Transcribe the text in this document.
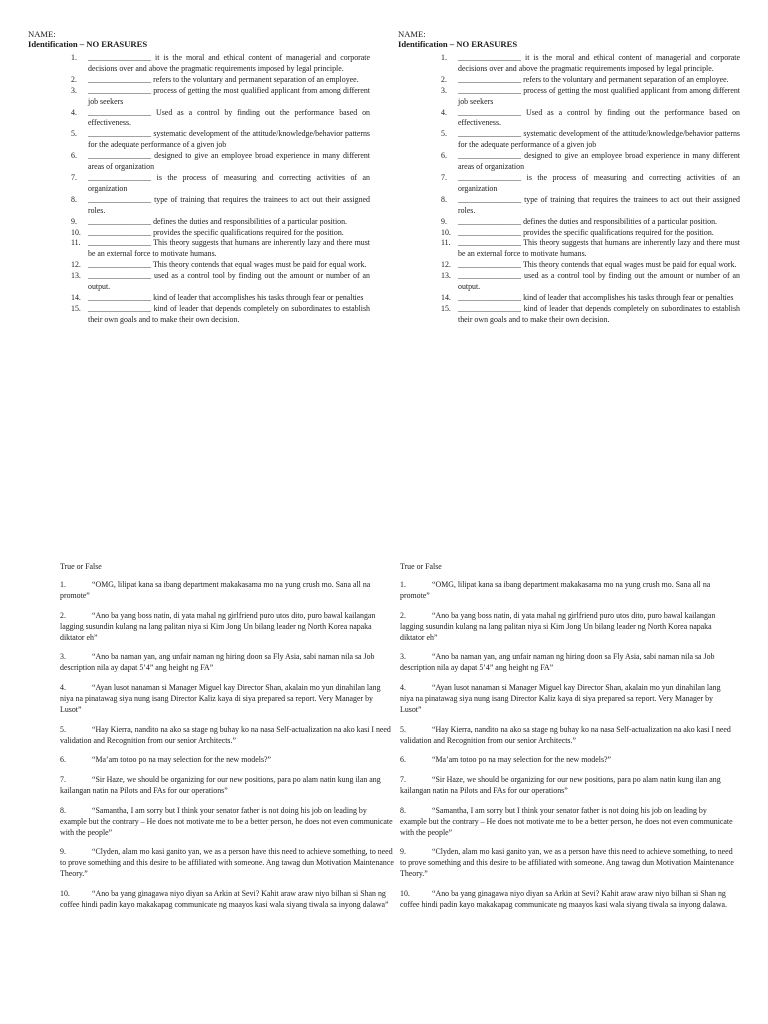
NAME:
Identification – NO ERASURES
1. ________________ it is the moral and ethical content of managerial and corporate decisions over and above the pragmatic requirements imposed by legal principle.
2. ________________ refers to the voluntary and permanent separation of an employee.
3. ________________ process of getting the most qualified applicant from among different job seekers
4. ________________ Used as a control by finding out the performance based on effectiveness.
5. ________________ systematic development of the attitude/knowledge/behavior patterns for the adequate performance of a given job
6. ________________ designed to give an employee broad experience in many different areas of organization
7. ________________ is the process of measuring and correcting activities of an organization
8. ________________ type of training that requires the trainees to act out their assigned roles.
9. ________________ defines the duties and responsibilities of a particular position.
10. ________________ provides the specific qualifications required for the position.
11. ________________ This theory suggests that humans are inherently lazy and there must be an external force to motivate humans.
12. ________________ This theory contends that equal wages must be paid for equal work.
13. ________________ used as a control tool by finding out the amount or number of an output.
14. ________________ kind of leader that accomplishes his tasks through fear or penalties
15. ________________ kind of leader that depends completely on subordinates to establish their own goals and to make their own decision.
NAME:
Identification – NO ERASURES
1. ________________ it is the moral and ethical content of managerial and corporate decisions over and above the pragmatic requirements imposed by legal principle.
2. ________________ refers to the voluntary and permanent separation of an employee.
3. ________________ process of getting the most qualified applicant from among different job seekers
4. ________________ Used as a control by finding out the performance based on effectiveness.
5. ________________ systematic development of the attitude/knowledge/behavior patterns for the adequate performance of a given job
6. ________________ designed to give an employee broad experience in many different areas of organization
7. ________________ is the process of measuring and correcting activities of an organization
8. ________________ type of training that requires the trainees to act out their assigned roles.
9. ________________ defines the duties and responsibilities of a particular position.
10. ________________ provides the specific qualifications required for the position.
11. ________________ This theory suggests that humans are inherently lazy and there must be an external force to motivate humans.
12. ________________ This theory contends that equal wages must be paid for equal work.
13. ________________ used as a control tool by finding out the amount or number of an output.
14. ________________ kind of leader that accomplishes his tasks through fear or penalties
15. ________________ kind of leader that depends completely on subordinates to establish their own goals and to make their own decision.
True or False
1.	“OMG, lilipat kana sa ibang department makakasama mo na yung crush mo. Sana all na promote”
2.	“Ano ba yang boss natin, di yata mahal ng girlfriend puro utos dito, puro bawal kailangan lagging susundin kulang na lang palitan niya si Kim Jong Un bilang leader ng North Korea napaka diktator eh”
3.	“Ano ba naman yan, ang unfair naman ng hiring doon sa Fly Asia, sabi naman nila sa Job description nila ay dapat 5’4” ang height ng FA”
4.	“Ayan lusot nanaman si Manager Miguel kay Director Shan, akalain mo yun dinahilan lang niya na pinatawag siya nung isang Director Kaliz kaya di siya prepared sa report. Very Manager by Lusot”
5.	“Hay Kierra, nandito na ako sa stage ng buhay ko na nasa Self-actualization na ako kasi I need validation and Recognition from our senior Architects.”
6.	“Ma’am totoo po na may selection for the new models?”
7.	“Sir Haze, we should be organizing for our new positions, para po alam natin kung ilan ang kailangan natin na Pilots and FAs for our operations”
8.	“Samantha, I am sorry but I think your senator father is not doing his job on leading by example but the contrary – He does not motivate me to be a better person, he does not even communicate with the people”
9.	“Clyden, alam mo kasi ganito yan, we as a person have this need to achieve something, to need to prove something and this desire to be affiliated with someone. Ang tawag dun Motivation Maintenance Theory.”
10.	“Ano ba yang ginagawa niyo diyan sa Arkin at Sevi? Kahit araw araw niyo bilhan si Shan ng coffee hindi padin kayo makakapag communicate ng maayos kasi wala siyang tiwala sa inyong dalawa”
True or False
1.	“OMG, lilipat kana sa ibang department makakasama mo na yung crush mo. Sana all na promote”
2.	“Ano ba yang boss natin, di yata mahal ng girlfriend puro utos dito, puro bawal kailangan lagging susundin kulang na lang palitan niya si Kim Jong Un bilang leader ng North Korea napaka diktator eh”
3.	“Ano ba naman yan, ang unfair naman ng hiring doon sa Fly Asia, sabi naman nila sa Job description nila ay dapat 5’4” ang height ng FA”
4.	“Ayan lusot nanaman si Manager Miguel kay Director Shan, akalain mo yun dinahilan lang niya na pinatawag siya nung isang Director Kaliz kaya di siya prepared sa report. Very Manager by Lusot”
5.	“Hay Kierra, nandito na ako sa stage ng buhay ko na nasa Self-actualization na ako kasi I need validation and Recognition from our senior Architects.”
6.	“Ma’am totoo po na may selection for the new models?”
7.	“Sir Haze, we should be organizing for our new positions, para po alam natin kung ilan ang kailangan natin na Pilots and FAs for our operations”
8.	“Samantha, I am sorry but I think your senator father is not doing his job on leading by example but the contrary – He does not motivate me to be a better person, he does not even communicate with the people”
9.	“Clyden, alam mo kasi ganito yan, we as a person have this need to achieve something, to need to prove something and this desire to be affiliated with someone. Ang tawag dun Motivation Maintenance Theory.”
10.	“Ano ba yang ginagawa niyo diyan sa Arkin at Sevi? Kahit araw araw niyo bilhan si Shan ng coffee hindi padin kayo makakapag communicate ng maayos kasi wala siyang tiwala sa inyong dalawa.
